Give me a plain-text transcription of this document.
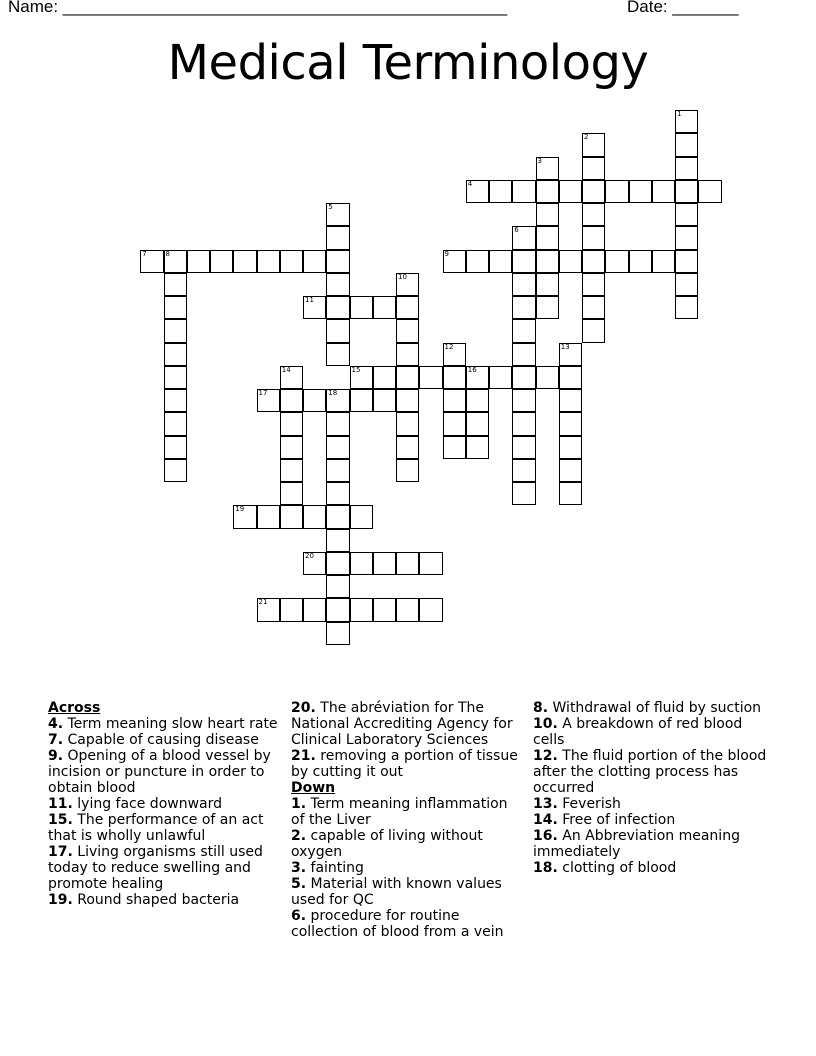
Name: _______________________________________________	Date: _______
Medical Terminology
1
2
3
4
5
6
7	8	9
10
11
12	13
14	15	16
17	18
19
20
21
Across
4. Term meaning slow heart rate
7. Capable of causing disease
9. Opening of a blood vessel by incision or puncture in order to obtain blood
11. lying face downward
15. The performance of an act that is wholly unlawful
17. Living organisms still used today to reduce swelling and promote healing
19. Round shaped bacteria
20. The abréviation for The National Accrediting Agency for Clinical Laboratory Sciences
21. removing a portion of tissue by cutting it out
Down
1. Term meaning inflammation of the Liver
2. capable of living without oxygen
3. fainting
5. Material with known values used for QC
6. procedure for routine collection of blood from a vein
8. Withdrawal of fluid by suction
10. A breakdown of red blood cells
12. The fluid portion of the blood after the clotting process has occurred
13. Feverish
14. Free of infection
16. An Abbreviation meaning immediately
18. clotting of blood
